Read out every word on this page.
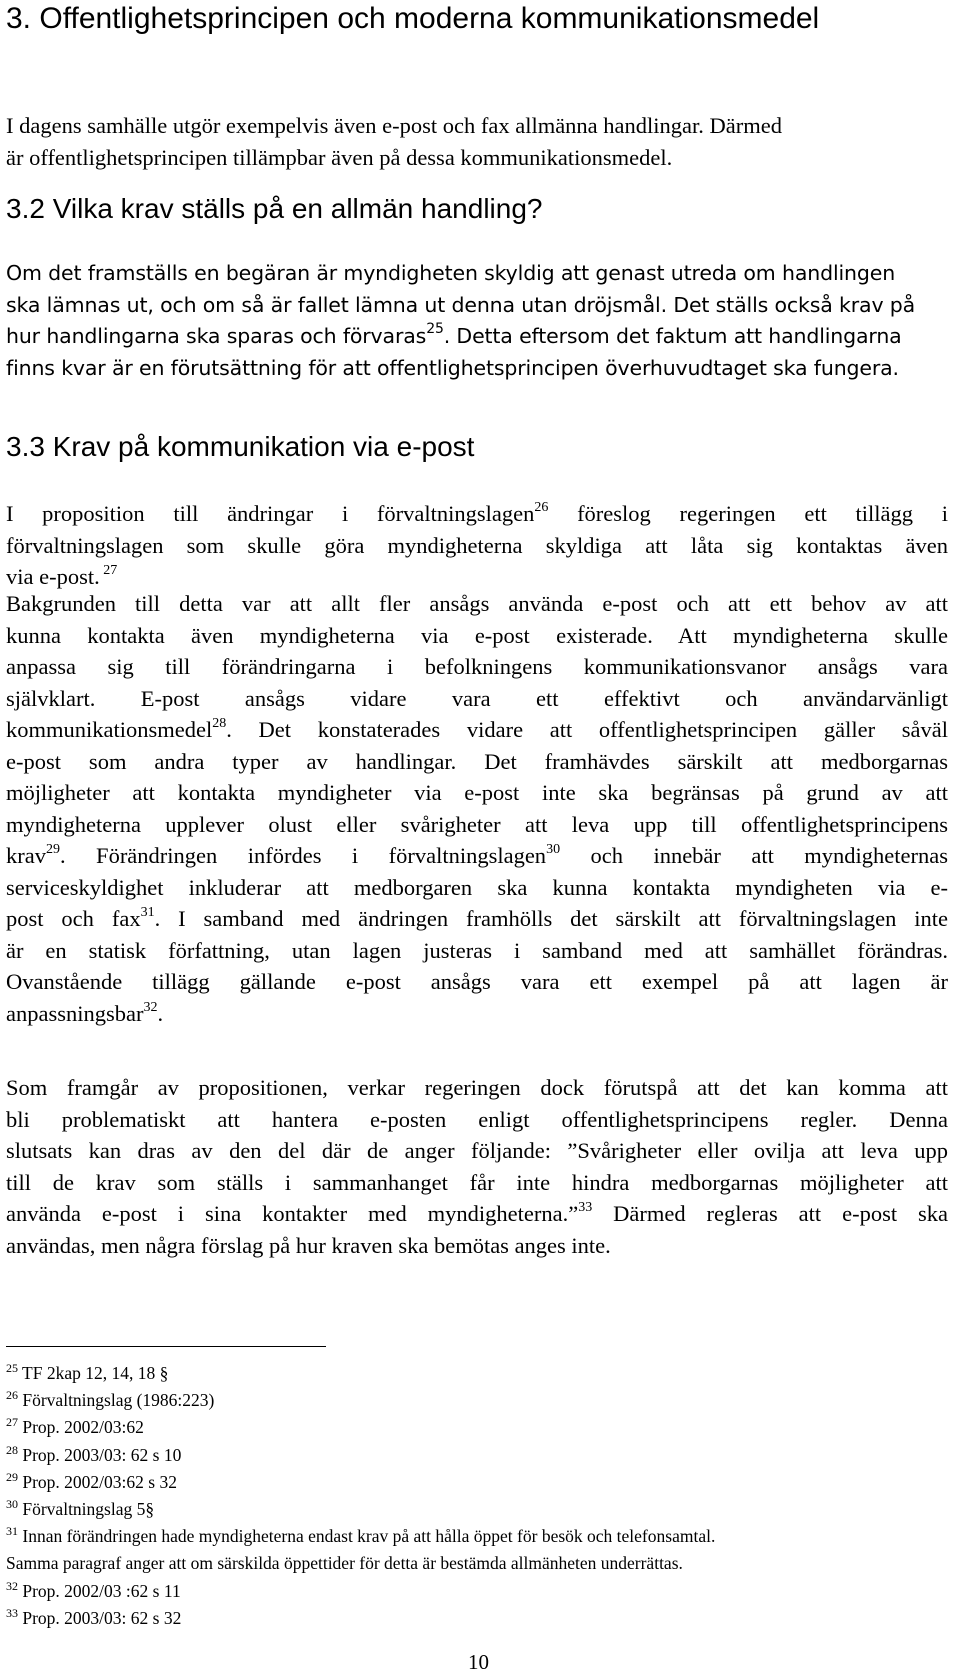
3. Offentlighetsprincipen och moderna kommunikationsmedel
I dagens samhälle utgör exempelvis även e-post och fax allmänna handlingar. Därmed
är offentlighetsprincipen tillämpbar även på dessa kommunikationsmedel.
3.2 Vilka krav ställs på en allmän handling?
Om det framställs en begäran är myndigheten skyldig att genast utreda om handlingen
ska lämnas ut, och om så är fallet lämna ut denna utan dröjsmål. Det ställs också krav på
hur handlingarna ska sparas och förvaras$^{25}$. Detta eftersom det faktum att handlingarna
finns kvar är en förutsättning för att offentlighetsprincipen överhuvudtaget ska fungera.
3.3 Krav på kommunikation via e-post
I proposition till ändringar i förvaltningslagen$^{26}$ föreslog regeringen ett tillägg i
förvaltningslagen som skulle göra myndigheterna skyldiga att låta sig kontaktas även
via e-post. $^{27}$
Bakgrunden till detta var att allt fler ansågs använda e-post och att ett behov av att
kunna kontakta även myndigheterna via e-post existerade. Att myndigheterna skulle
anpassa sig till förändringarna i befolkningens kommunikationsvanor ansågs vara
självklart. E-post ansågs vidare vara ett effektivt och användarvänligt
kommunikationsmedel$^{28}$. Det konstaterades vidare att offentlighetsprincipen gäller såväl
e-post som andra typer av handlingar. Det framhävdes särskilt att medborgarnas
möjligheter att kontakta myndigheter via e-post inte ska begränsas på grund av att
myndigheterna upplever olust eller svårigheter att leva upp till offentlighetsprincipens
krav$^{29}$. Förändringen infördes i förvaltningslagen$^{30}$ och innebär att myndigheternas
serviceskyldighet inkluderar att medborgaren ska kunna kontakta myndigheten via e-
post och fax$^{31}$. I samband med ändringen framhölls det särskilt att förvaltningslagen inte
är en statisk författning, utan lagen justeras i samband med att samhället förändras.
Ovanstående tillägg gällande e-post ansågs vara ett exempel på att lagen är
anpassningsbar$^{32}$.
Som framgår av propositionen, verkar regeringen dock förutspå att det kan komma att
bli problematiskt att hantera e-posten enligt offentlighetsprincipens regler. Denna
slutsats kan dras av den del där de anger följande: ”Svårigheter eller ovilja att leva upp
till de krav som ställs i sammanhanget får inte hindra medborgarnas möjligheter att
använda e-post i sina kontakter med myndigheterna.”$^{33}$ Därmed regleras att e-post ska
användas, men några förslag på hur kraven ska bemötas anges inte.
$^{25}$ TF 2kap 12, 14, 18 §
$^{26}$ Förvaltningslag (1986:223)
$^{27}$ Prop. 2002/03:62
$^{28}$ Prop. 2003/03: 62 s 10
$^{29}$ Prop. 2002/03:62 s 32
$^{30}$ Förvaltningslag 5§
$^{31}$ Innan förändringen hade myndigheterna endast krav på att hålla öppet för besök och telefonsamtal.
Samma paragraf anger att om särskilda öppettider för detta är bestämda allmänheten underrättas.
$^{32}$ Prop. 2002/03 :62 s 11
$^{33}$ Prop. 2003/03: 62 s 32
10
